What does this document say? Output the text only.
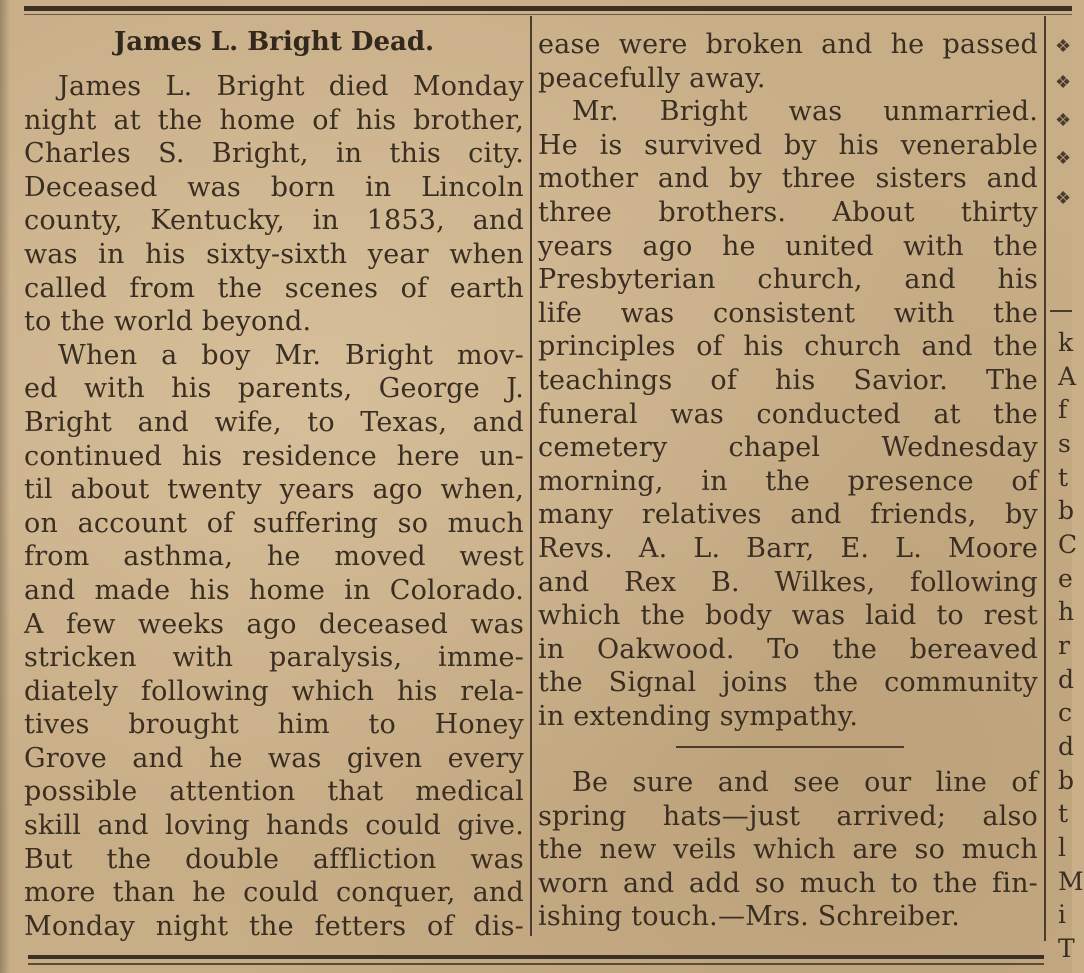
James L. Bright Dead.

James L. Bright died Monday

night at the home of his brother,

Charles S. Bright, in this city.

Deceased was born in Lincoln

county, Kentucky, in 1853, and

was in his sixty-sixth year when

called from the scenes of earth

to the world beyond.

When a boy Mr. Bright mov-

ed with his parents, George J.

Bright and wife, to Texas, and

continued his residence here un-

til about twenty years ago when,

on account of suffering so much

from asthma, he moved west

and made his home in Colorado.

A few weeks ago deceased was

stricken with paralysis, imme-

diately following which his rela-

tives brought him to Honey

Grove and he was given every

possible attention that medical

skill and loving hands could give.

But the double affliction was

more than he could conquer, and

Monday night the fetters of dis-

ease were broken and he passed

peacefully away.

Mr. Bright was unmarried.

He is survived by his venerable

mother and by three sisters and

three brothers. About thirty

years ago he united with the

Presbyterian church, and his

life was consistent with the

principles of his church and the

teachings of his Savior. The

funeral was conducted at the

cemetery chapel Wednesday

morning, in the presence of

many relatives and friends, by

Revs. A. L. Barr, E. L. Moore

and Rex B. Wilkes, following

which the body was laid to rest

in Oakwood. To the bereaved

the Signal joins the community

in extending sympathy.

Be sure and see our line of

spring hats—just arrived; also

the new veils which are so much

worn and add so much to the fin-

ishing touch.—Mrs. Schreiber.

❖
❖
❖
❖
❖
k
A
f
s
t
b
C
e
h
r
d
c
d
b
t
l
M
i
T
